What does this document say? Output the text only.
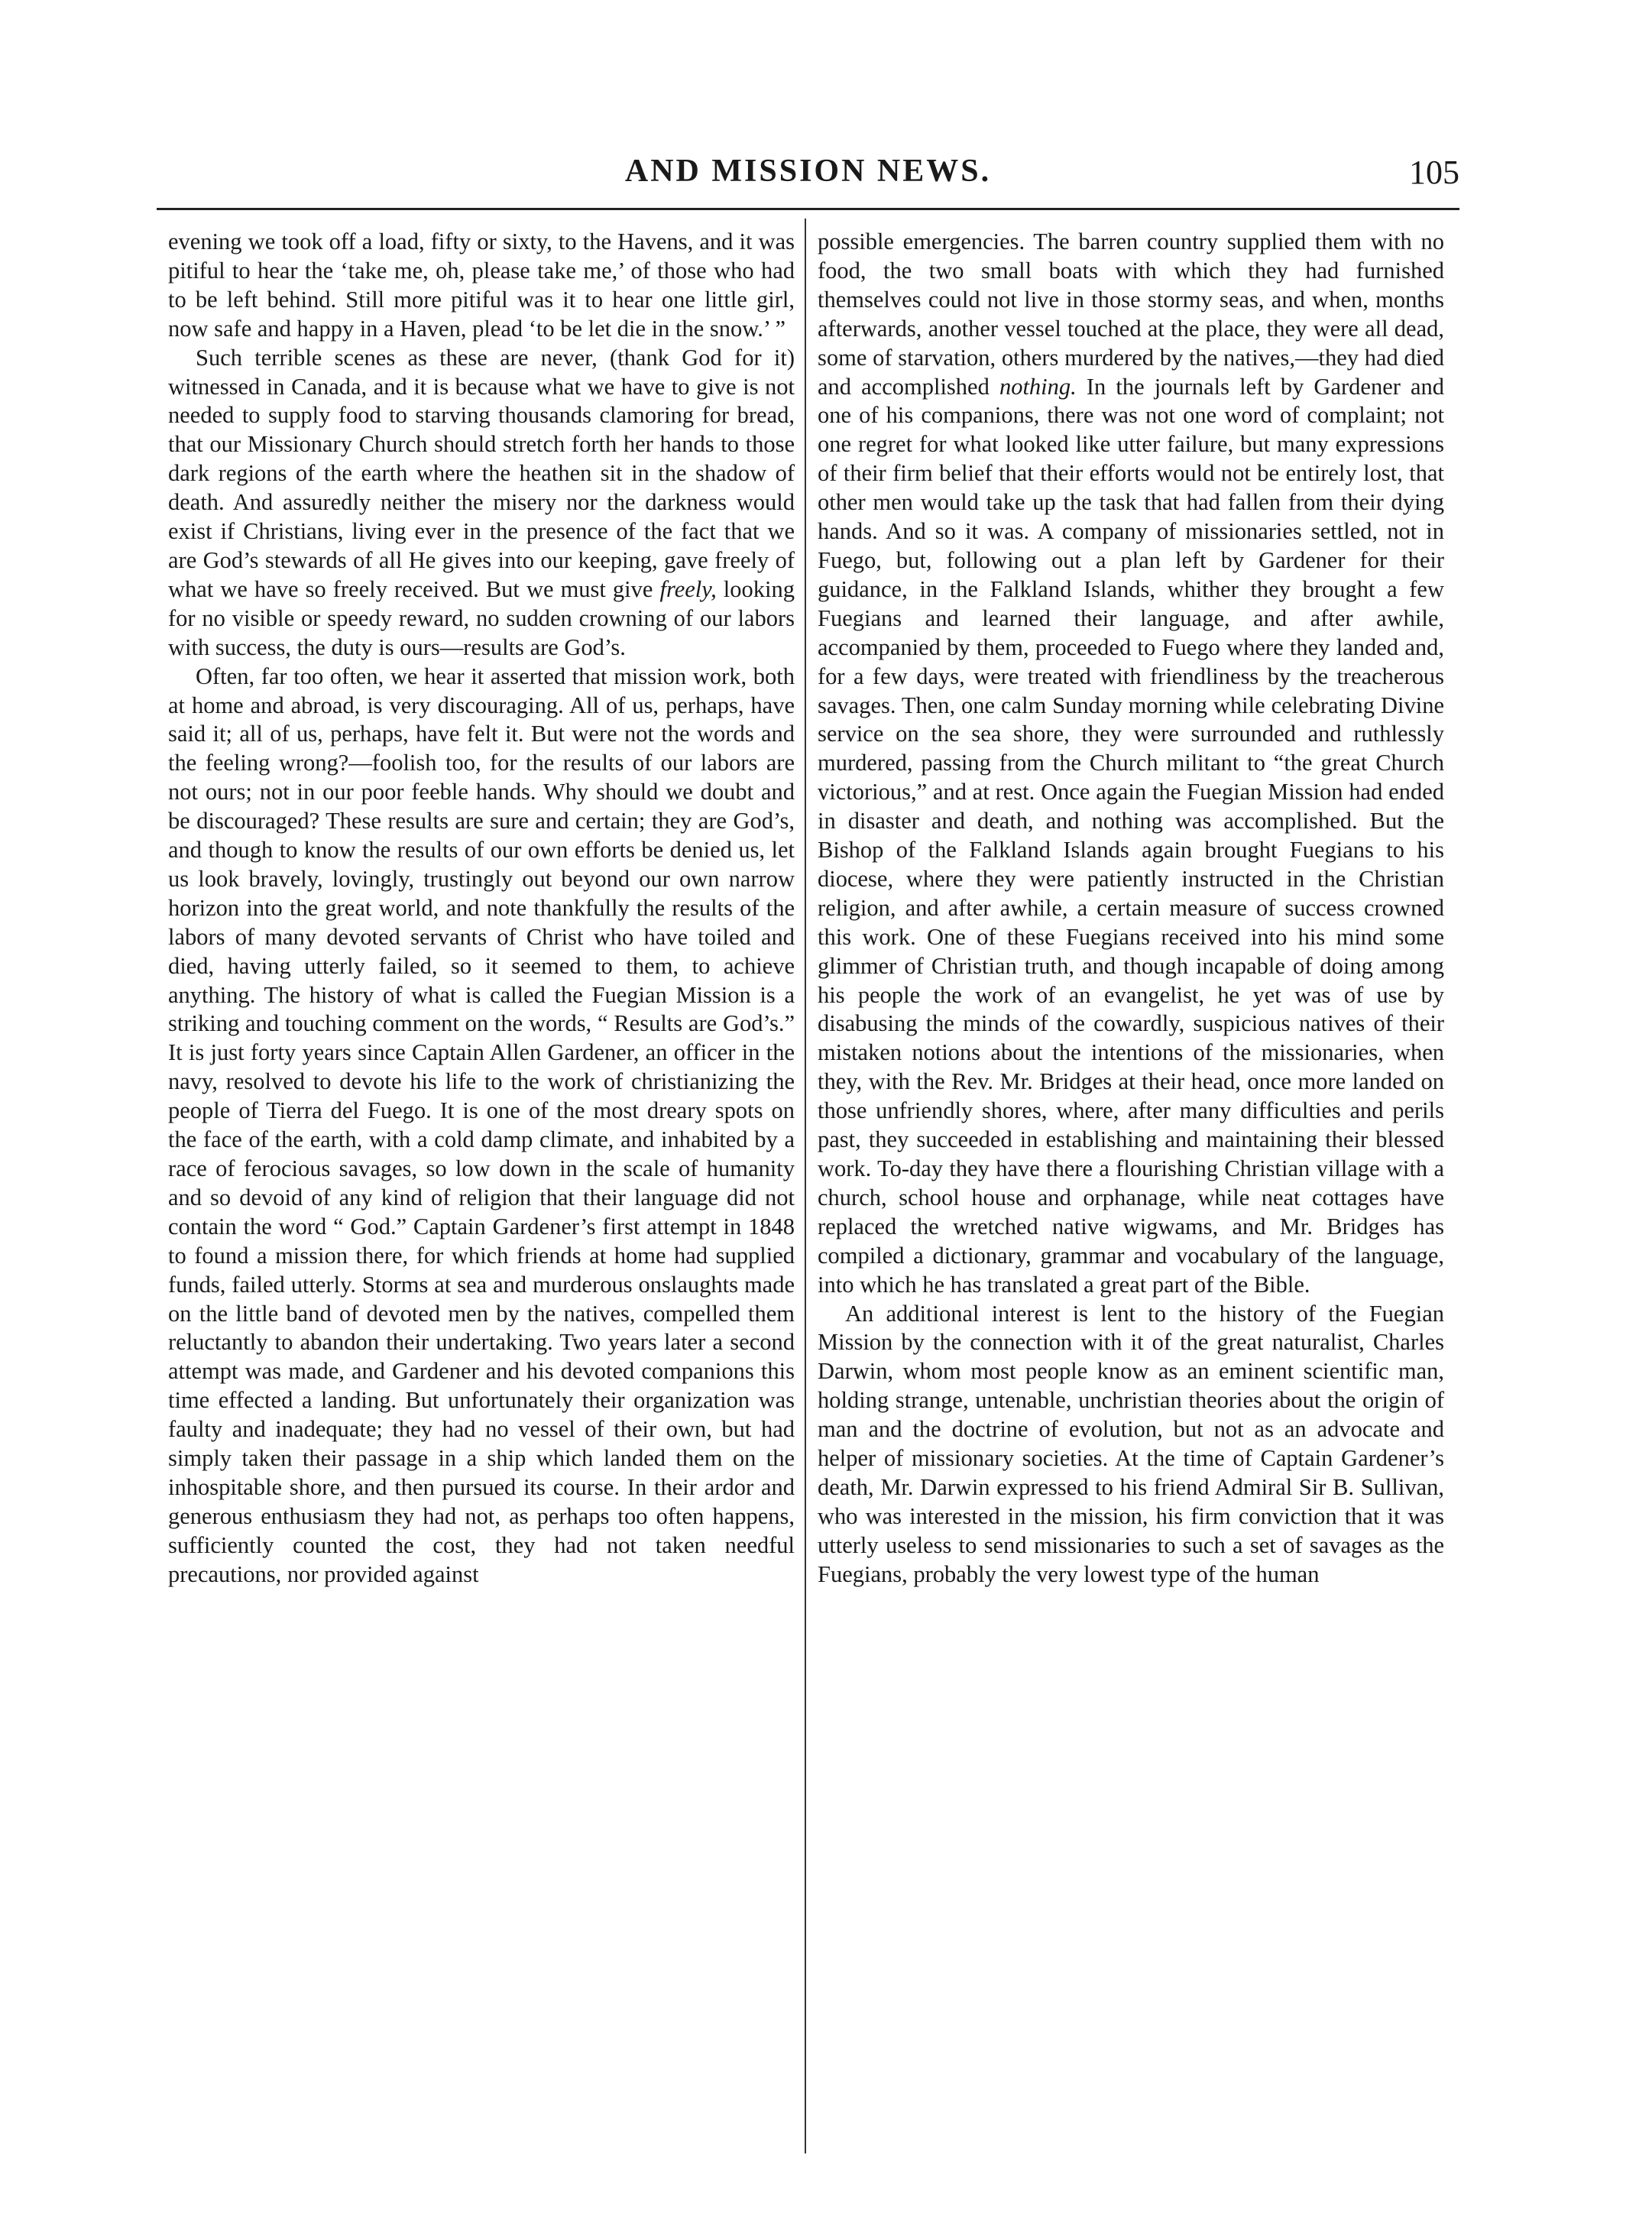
AND MISSION NEWS.	105

evening we took off a load, fifty or sixty, to the Havens, and it was pitiful to hear the ‘take me, oh, please take me,’ of those who had to be left behind. Still more pitiful was it to hear one little girl, now safe and happy in a Haven, plead ‘to be let die in the snow.’ ”

Such terrible scenes as these are never, (thank God for it) witnessed in Canada, and it is because what we have to give is not needed to supply food to starving thousands clamoring for bread, that our Missionary Church should stretch forth her hands to those dark regions of the earth where the heathen sit in the shadow of death. And assuredly neither the misery nor the darkness would exist if Christians, living ever in the presence of the fact that we are God’s stewards of all He gives into our keeping, gave freely of what we have so freely received. But we must give freely, looking for no visible or speedy reward, no sudden crowning of our labors with success, the duty is ours—results are God’s.

Often, far too often, we hear it asserted that mission work, both at home and abroad, is very discouraging. All of us, perhaps, have said it; all of us, perhaps, have felt it. But were not the words and the feeling wrong?—foolish too, for the results of our labors are not ours; not in our poor feeble hands. Why should we doubt and be discouraged? These results are sure and certain; they are God’s, and though to know the results of our own efforts be denied us, let us look bravely, lovingly, trustingly out beyond our own narrow horizon into the great world, and note thankfully the results of the labors of many devoted servants of Christ who have toiled and died, having utterly failed, so it seemed to them, to achieve anything. The history of what is called the Fuegian Mission is a striking and touching comment on the words, “ Results are God’s.” It is just forty years since Captain Allen Gardener, an officer in the navy, resolved to devote his life to the work of christianizing the people of Tierra del Fuego. It is one of the most dreary spots on the face of the earth, with a cold damp climate, and inhabited by a race of ferocious savages, so low down in the scale of humanity and so devoid of any kind of religion that their language did not contain the word “ God.” Captain Gardener’s first attempt in 1848 to found a mission there, for which friends at home had supplied funds, failed utterly. Storms at sea and murderous onslaughts made on the little band of devoted men by the natives, compelled them reluctantly to abandon their undertaking. Two years later a second attempt was made, and Gardener and his devoted companions this time effected a landing. But unfortunately their organization was faulty and inadequate; they had no vessel of their own, but had simply taken their passage in a ship which landed them on the inhospitable shore, and then pursued its course. In their ardor and generous enthusiasm they had not, as perhaps too often happens, sufficiently counted the cost, they had not taken needful precautions, nor provided against

possible emergencies. The barren country supplied them with no food, the two small boats with which they had furnished themselves could not live in those stormy seas, and when, months afterwards, another vessel touched at the place, they were all dead, some of starvation, others murdered by the natives,—they had died and accomplished nothing. In the journals left by Gardener and one of his companions, there was not one word of complaint; not one regret for what looked like utter failure, but many expressions of their firm belief that their efforts would not be entirely lost, that other men would take up the task that had fallen from their dying hands. And so it was. A company of missionaries settled, not in Fuego, but, following out a plan left by Gardener for their guidance, in the Falkland Islands, whither they brought a few Fuegians and learned their language, and after awhile, accompanied by them, proceeded to Fuego where they landed and, for a few days, were treated with friendliness by the treacherous savages. Then, one calm Sunday morning while celebrating Divine service on the sea shore, they were surrounded and ruthlessly murdered, passing from the Church militant to “the great Church victorious,” and at rest. Once again the Fuegian Mission had ended in disaster and death, and nothing was accomplished. But the Bishop of the Falkland Islands again brought Fuegians to his diocese, where they were patiently instructed in the Christian religion, and after awhile, a certain measure of success crowned this work. One of these Fuegians received into his mind some glimmer of Christian truth, and though incapable of doing among his people the work of an evangelist, he yet was of use by disabusing the minds of the cowardly, suspicious natives of their mistaken notions about the intentions of the missionaries, when they, with the Rev. Mr. Bridges at their head, once more landed on those unfriendly shores, where, after many difficulties and perils past, they succeeded in establishing and maintaining their blessed work. To-day they have there a flourishing Christian village with a church, school house and orphanage, while neat cottages have replaced the wretched native wigwams, and Mr. Bridges has compiled a dictionary, grammar and vocabulary of the language, into which he has translated a great part of the Bible.

An additional interest is lent to the history of the Fuegian Mission by the connection with it of the great naturalist, Charles Darwin, whom most people know as an eminent scientific man, holding strange, untenable, unchristian theories about the origin of man and the doctrine of evolution, but not as an advocate and helper of missionary societies. At the time of Captain Gardener’s death, Mr. Darwin expressed to his friend Admiral Sir B. Sullivan, who was interested in the mission, his firm conviction that it was utterly useless to send missionaries to such a set of savages as the Fuegians, probably the very lowest type of the human
